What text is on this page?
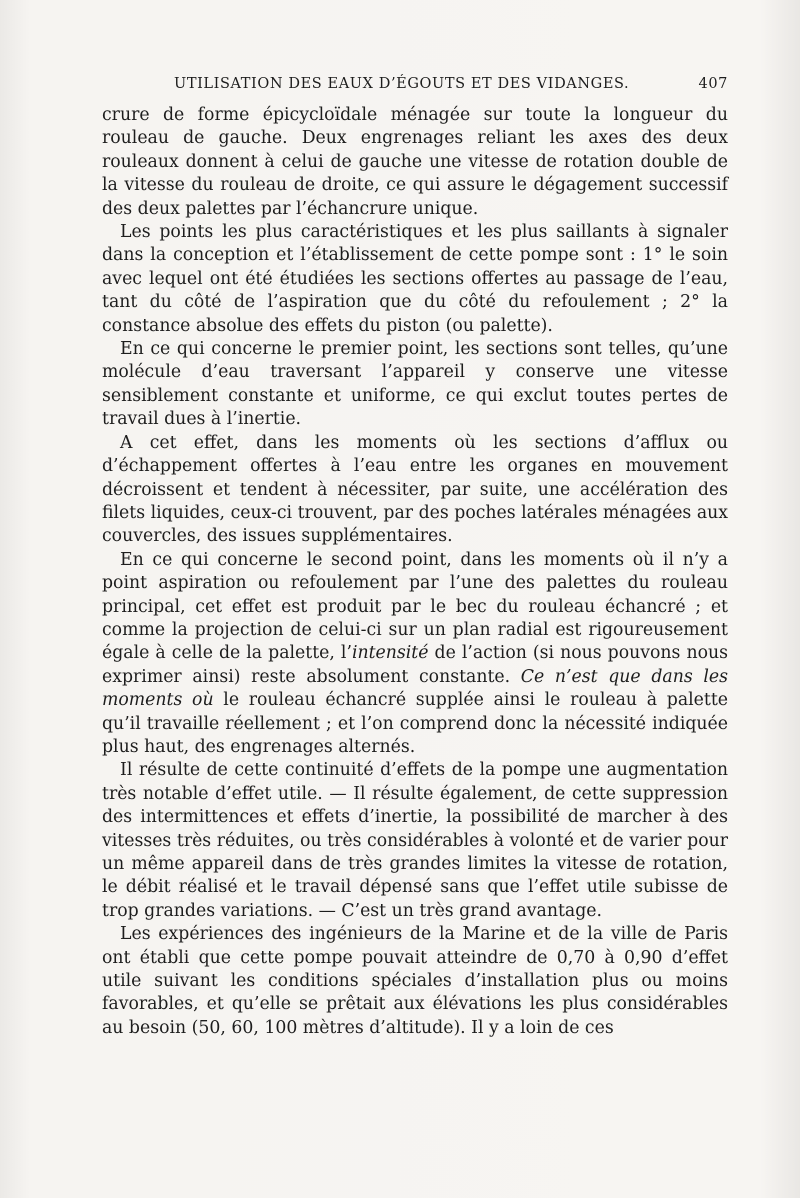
UTILISATION DES EAUX D’ÉGOUTS ET DES VIDANGES.	407

crure de forme épicycloïdale ménagée sur toute la longueur du rouleau de gauche. Deux engrenages reliant les axes des deux rouleaux donnent à celui de gauche une vitesse de rotation double de la vitesse du rouleau de droite, ce qui assure le dégagement successif des deux palettes par l’échancrure unique.

Les points les plus caractéristiques et les plus saillants à signaler dans la conception et l’établissement de cette pompe sont : 1° le soin avec lequel ont été étudiées les sections offertes au passage de l’eau, tant du côté de l’aspiration que du côté du refoulement ; 2° la constance absolue des effets du piston (ou palette).

En ce qui concerne le premier point, les sections sont telles, qu’une molécule d’eau traversant l’appareil y conserve une vitesse sensiblement constante et uniforme, ce qui exclut toutes pertes de travail dues à l’inertie.

A cet effet, dans les moments où les sections d’afflux ou d’échappement offertes à l’eau entre les organes en mouvement décroissent et tendent à nécessiter, par suite, une accélération des filets liquides, ceux-ci trouvent, par des poches latérales ménagées aux couvercles, des issues supplémentaires.

En ce qui concerne le second point, dans les moments où il n’y a point aspiration ou refoulement par l’une des palettes du rouleau principal, cet effet est produit par le bec du rouleau échancré ; et comme la projection de celui-ci sur un plan radial est rigoureusement égale à celle de la palette, l’intensité de l’action (si nous pouvons nous exprimer ainsi) reste absolument constante. Ce n’est que dans les moments où le rouleau échancré supplée ainsi le rouleau à palette qu’il travaille réellement ; et l’on comprend donc la nécessité indiquée plus haut, des engrenages alternés.

Il résulte de cette continuité d’effets de la pompe une augmentation très notable d’effet utile. — Il résulte également, de cette suppression des intermittences et effets d’inertie, la possibilité de marcher à des vitesses très réduites, ou très considérables à volonté et de varier pour un même appareil dans de très grandes limites la vitesse de rotation, le débit réalisé et le travail dépensé sans que l’effet utile subisse de trop grandes variations. — C’est un très grand avantage.

Les expériences des ingénieurs de la Marine et de la ville de Paris ont établi que cette pompe pouvait atteindre de 0,70 à 0,90 d’effet utile suivant les conditions spéciales d’installation plus ou moins favorables, et qu’elle se prêtait aux élévations les plus considérables au besoin (50, 60, 100 mètres d’altitude). Il y a loin de ces
